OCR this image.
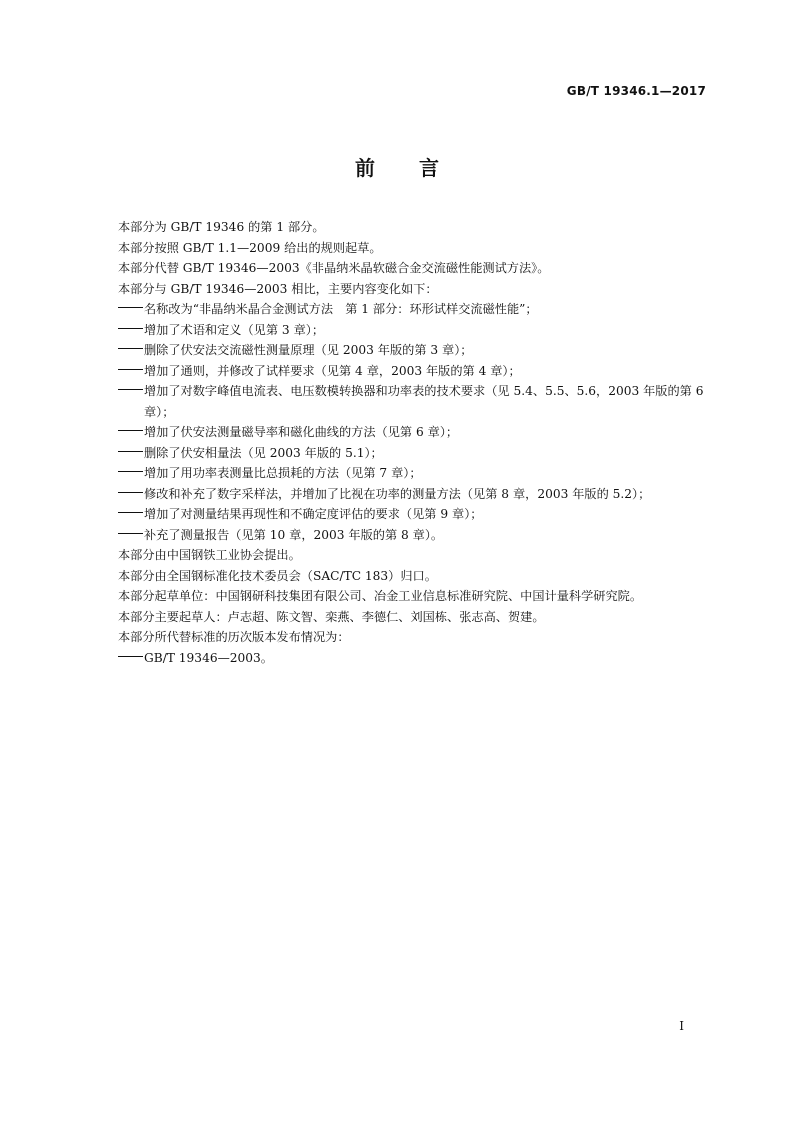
GB/T 19346.1—2017
前言
本部分为 GB/T 19346 的第 1 部分。
本部分按照 GB/T 1.1—2009 给出的规则起草。
本部分代替 GB/T 19346—2003《非晶纳米晶软磁合金交流磁性能测试方法》。
本部分与 GB/T 19346—2003 相比，主要内容变化如下：
名称改为“非晶纳米晶合金测试方法　第 1 部分：环形试样交流磁性能”；
增加了术语和定义（见第 3 章）；
删除了伏安法交流磁性测量原理（见 2003 年版的第 3 章）；
增加了通则，并修改了试样要求（见第 4 章，2003 年版的第 4 章）；
增加了对数字峰值电流表、电压数模转换器和功率表的技术要求（见 5.4、5.5、5.6，2003 年版的第 6 章）；
增加了伏安法测量磁导率和磁化曲线的方法（见第 6 章）；
删除了伏安相量法（见 2003 年版的 5.1）；
增加了用功率表测量比总损耗的方法（见第 7 章）；
修改和补充了数字采样法，并增加了比视在功率的测量方法（见第 8 章，2003 年版的 5.2）；
增加了对测量结果再现性和不确定度评估的要求（见第 9 章）；
补充了测量报告（见第 10 章，2003 年版的第 8 章）。
本部分由中国钢铁工业协会提出。
本部分由全国钢标准化技术委员会（SAC/TC 183）归口。
本部分起草单位：中国钢研科技集团有限公司、冶金工业信息标准研究院、中国计量科学研究院。
本部分主要起草人：卢志超、陈文智、栾燕、李德仁、刘国栋、张志高、贺建。
本部分所代替标准的历次版本发布情况为：
GB/T 19346—2003。
I
